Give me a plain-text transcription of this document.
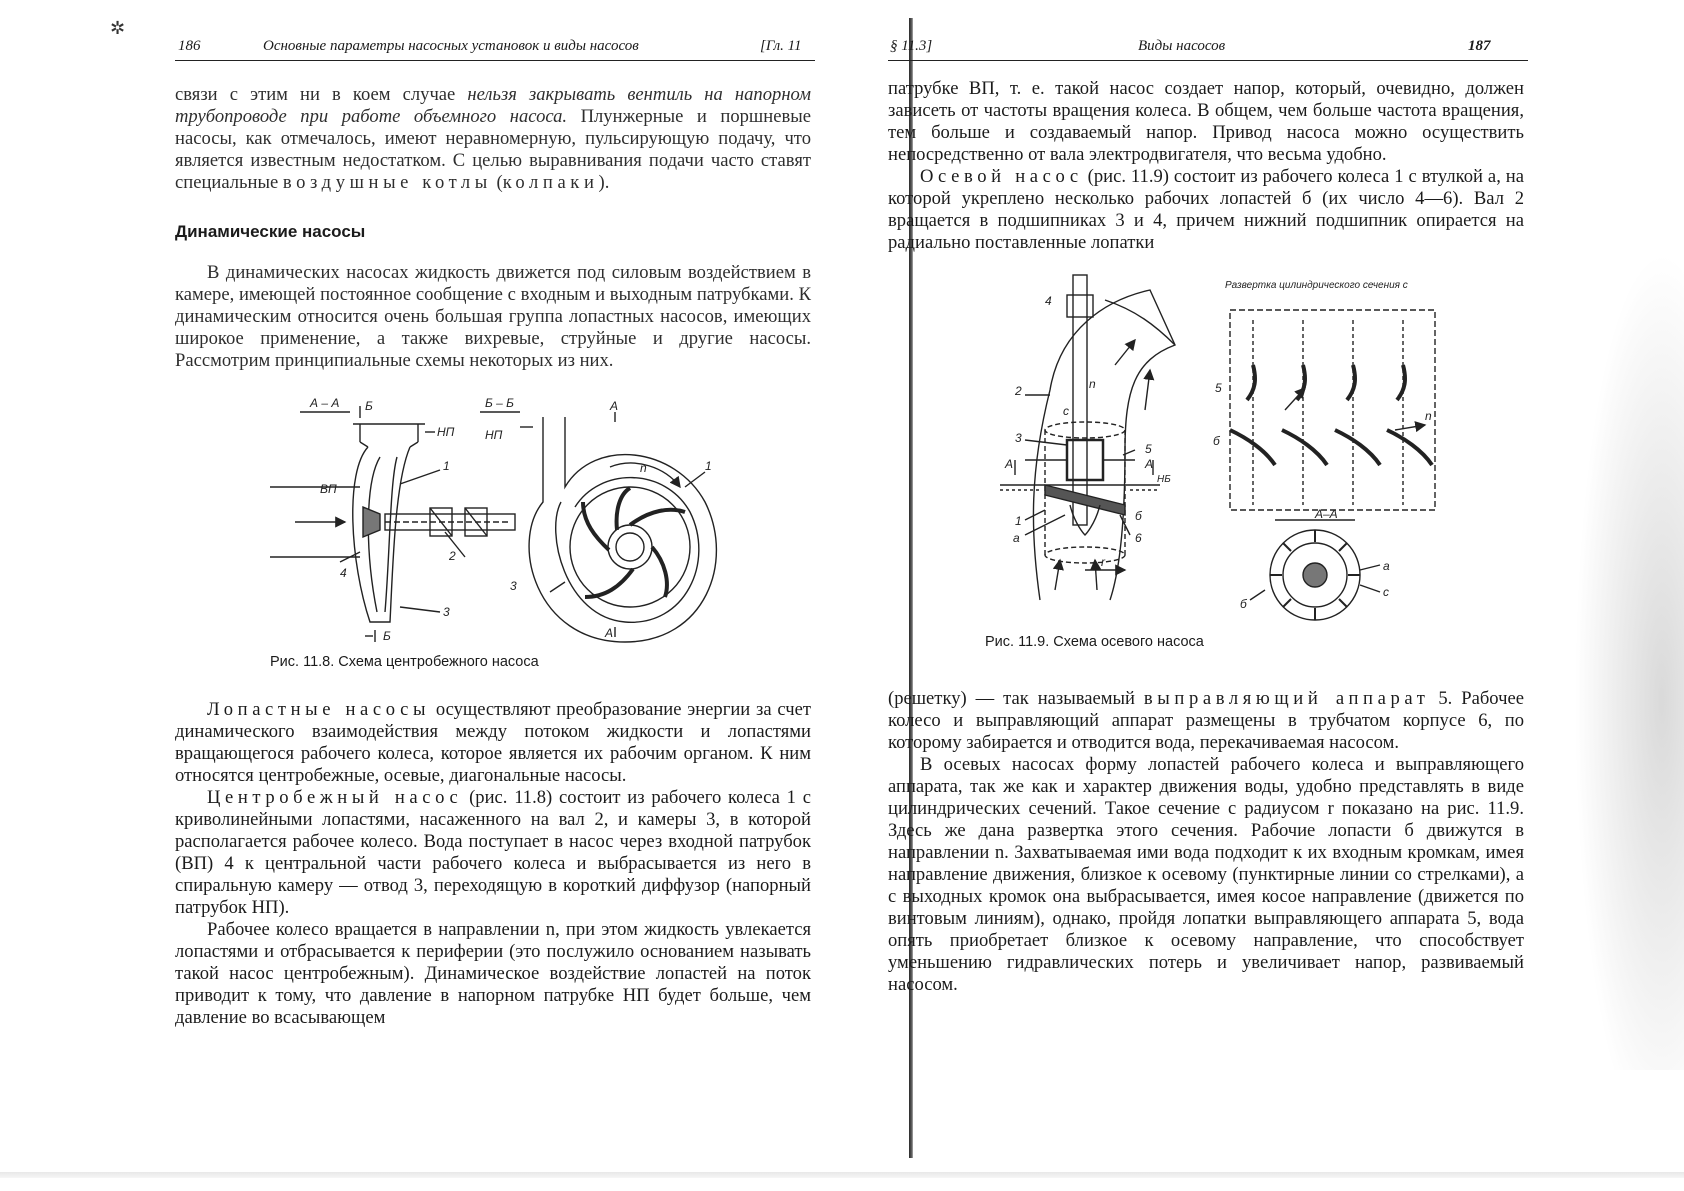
✲
186	Основные параметры насосных установок и виды насосов	[Гл. 11

связи с этим ни в коем случае нельзя закрывать вентиль на напорном трубопроводе при работе объемного насоса. Плунжерные и поршневые насосы, как отмечалось, имеют неравномерную, пульсирующую подачу, что является известным недостатком. С целью выравнивания подачи часто ставят специальные воздушные котлы (колпаки).

Динамические насосы

В динамических насосах жидкость движется под силовым воздействием в камере, имеющей постоянное сообщение с входным и выходным патрубками. К динамическим относится очень большая группа лопастных насосов, имеющих широкое применение, а также вихревые, струйные и другие насосы. Рассмотрим принципиальные схемы некоторых из них.

А – А Б	Б – Б
НП	НП
ВП
1
2
3
4
Б
А
А
n	1
3
Рис. 11.8. Схема центробежного насоса

Лопастные насосы осуществляют преобразование энергии за счет динамического взаимодействия между потоком жидкости и лопастями вращающегося рабочего колеса, которое является их рабочим органом. К ним относятся центробежные, осевые, диагональные насосы.

Центробежный насос (рис. 11.8) состоит из рабочего колеса 1 с криволинейными лопастями, насаженного на вал 2, и камеры 3, в которой располагается рабочее колесо. Вода поступает в насос через входной патрубок (ВП) 4 к центральной части рабочего колеса и выбрасывается из него в спиральную камеру — отвод 3, переходящую в короткий диффузор (напорный патрубок НП).

Рабочее колесо вращается в направлении n, при этом жидкость увлекается лопастями и отбрасывается к периферии (это послужило основанием называть такой насос центробежным). Динамическое воздействие лопастей на поток приводит к тому, что давление в напорном патрубке НП будет больше, чем давление во всасывающем

§ 11.3]	Виды насосов	187

патрубке ВП, т. е. такой насос создает напор, который, очевидно, должен зависеть от частоты вращения колеса. В общем, чем больше частота вращения, тем больше и создаваемый напор. Привод насоса можно осуществить непосредственно от вала электродвигателя, что весьма удобно.

Осевой насос (рис. 11.9) состоит из рабочего колеса 1 с втулкой а, на которой укреплено несколько рабочих лопастей б (их число 4—6). Вал 2 вращается в подшипниках 3 и 4, причем нижний подшипник опирается на радиально поставленные лопатки

Развертка цилиндрического сечения с
А–А
4
2
3
1
а
А
5
А
НБ
б
6
n
с
r
5
б
n
а
с
б
Рис. 11.9. Схема осевого насоса

(решетку) — так называемый выправляющий аппарат 5. Рабочее колесо и выправляющий аппарат размещены в трубчатом корпусе 6, по которому забирается и отводится вода, перекачиваемая насосом.

В осевых насосах форму лопастей рабочего колеса и выправляющего аппарата, так же как и характер движения воды, удобно представлять в виде цилиндрических сечений. Такое сечение с радиусом r показано на рис. 11.9. Здесь же дана развертка этого сечения. Рабочие лопасти б движутся в направлении n. Захватываемая ими вода подходит к их входным кромкам, имея направление движения, близкое к осевому (пунктирные линии со стрелками), а с выходных кромок она выбрасывается, имея косое направление (движется по винтовым линиям), однако, пройдя лопатки выправляющего аппарата 5, вода опять приобретает близкое к осевому направление, что способствует уменьшению гидравлических потерь и увеличивает напор, развиваемый насосом.
